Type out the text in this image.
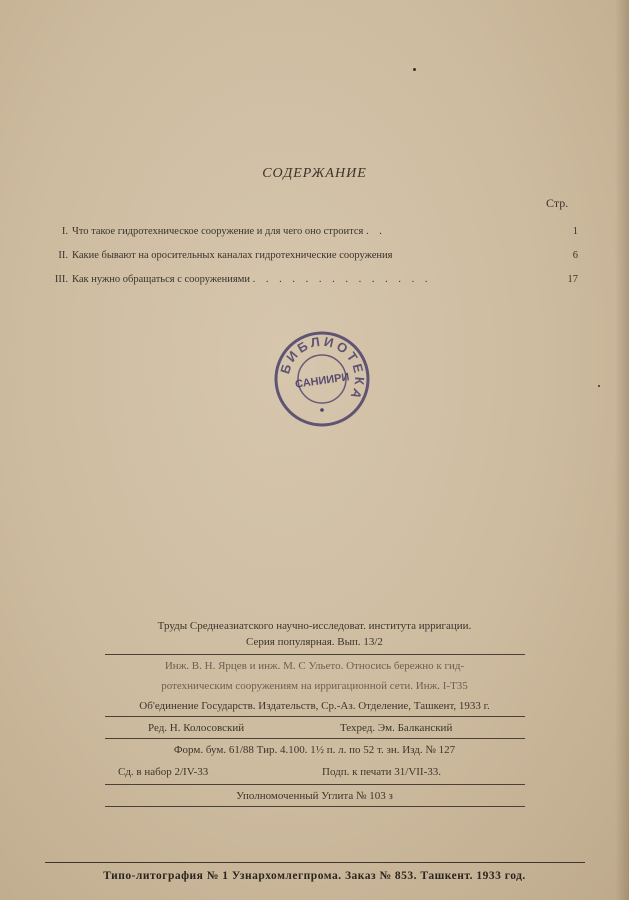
СОДЕРЖАНИЕ
Стр.
I. Что такое гидротехническое сооружение и для чего оно строится . .	1
II. Какие бывают на оросительных каналах гидротехнические сооружения	6
III. Как нужно обращаться с сооружениями . . . . . . . . . . . . . .	17
БИБЛИОТЕКА
САНИИРИ
Труды Среднеазиатского научно-исследоват. института ирригации.
Серия популярная. Вып. 13/2
Инж. В. Н. Ярцев и инж. М. С Ульето. Относись бережно к гид-
ротехническим сооружениям на ирригационной сети. Инж. I-T35
Об'единение Государств. Издательств, Ср.-Аз. Отделение, Ташкент, 1933 г.
Ред. Н. Колосовский	Техред. Эм. Балканский
Форм. бум. 61/88 Тир. 4.100. 1½ п. л. по 52 т. зн. Изд. № 127
Сд. в набор 2/IV-33	Подп. к печати 31/VII-33.
Уполномоченный Углита № 103 з
Типо-литография № 1 Узнархомлегпрома. Заказ № 853. Ташкент. 1933 год.
